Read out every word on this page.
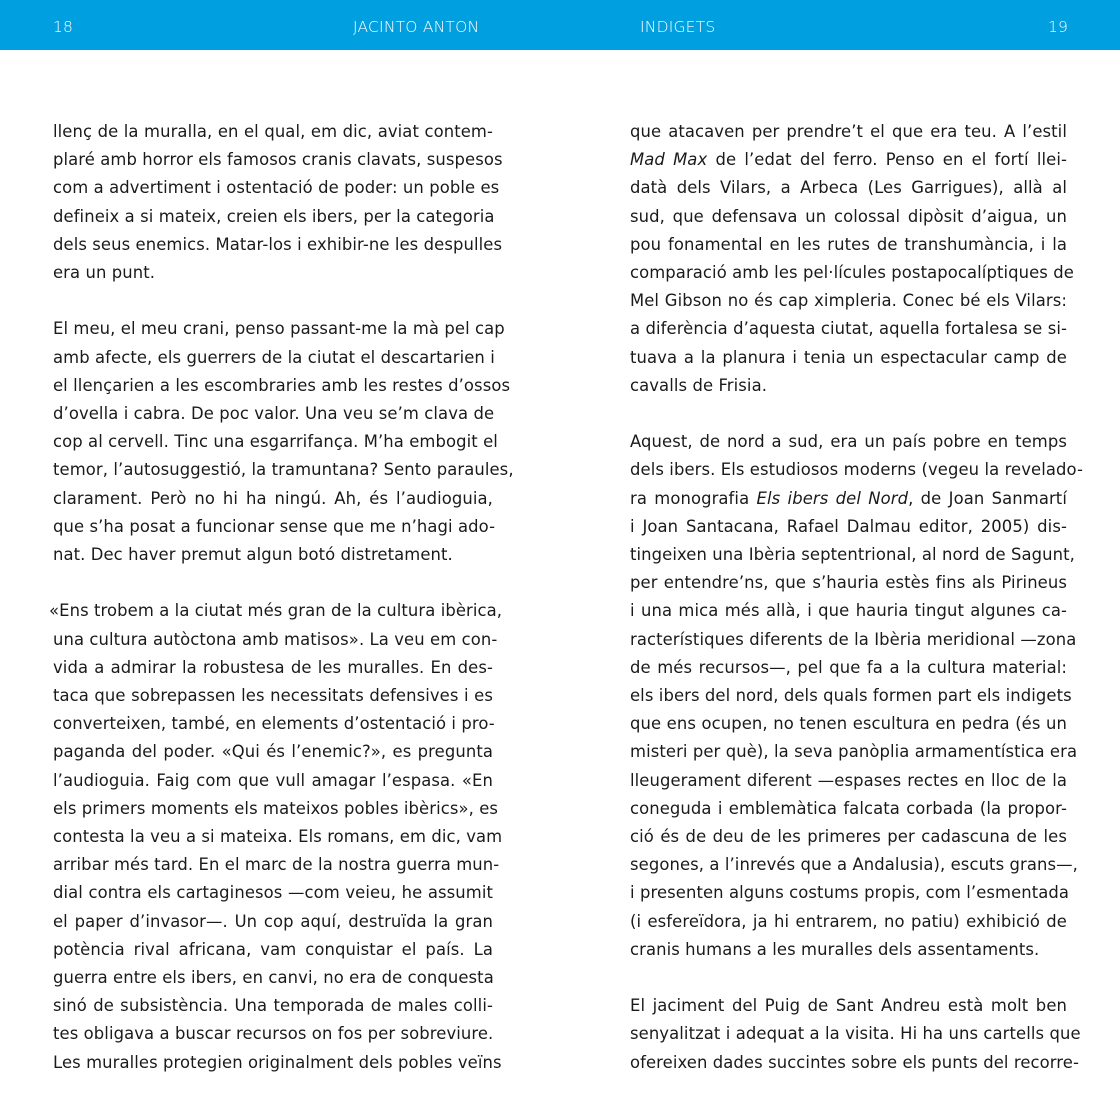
18	JACINTO ANTON	INDIGETS	19

llenç de la muralla, en el qual, em dic, aviat contem-
plaré amb horror els famosos cranis clavats, suspesos
com a advertiment i ostentació de poder: un poble es
defineix a si mateix, creien els ibers, per la categoria
dels seus enemics. Matar-los i exhibir-ne les despulles
era un punt.

El meu, el meu crani, penso passant-me la mà pel cap
amb afecte, els guerrers de la ciutat el descartarien i
el llençarien a les escombraries amb les restes d’ossos
d’ovella i cabra. De poc valor. Una veu se’m clava de
cop al cervell. Tinc una esgarrifança. M’ha embogit el
temor, l’autosuggestió, la tramuntana? Sento paraules,
clarament. Però no hi ha ningú. Ah, és l’audioguia,
que s’ha posat a funcionar sense que me n’hagi ado-
nat. Dec haver premut algun botó distretament.

«Ens trobem a la ciutat més gran de la cultura ibèrica,
una cultura autòctona amb matisos». La veu em con-
vida a admirar la robustesa de les muralles. En des-
taca que sobrepassen les necessitats defensives i es
converteixen, també, en elements d’ostentació i pro-
paganda del poder. «Qui és l’enemic?», es pregunta
l’audioguia. Faig com que vull amagar l’espasa. «En
els primers moments els mateixos pobles ibèrics», es
contesta la veu a si mateixa. Els romans, em dic, vam
arribar més tard. En el marc de la nostra guerra mun-
dial contra els cartaginesos —com veieu, he assumit
el paper d’invasor—. Un cop aquí, destruïda la gran
potència rival africana, vam conquistar el país. La
guerra entre els ibers, en canvi, no era de conquesta
sinó de subsistència. Una temporada de males colli-
tes obligava a buscar recursos on fos per sobreviure.
Les muralles protegien originalment dels pobles veïns

que atacaven per prendre’t el que era teu. A l’estil
Mad Max de l’edat del ferro. Penso en el fortí llei-
datà dels Vilars, a Arbeca (Les Garrigues), allà al
sud, que defensava un colossal dipòsit d’aigua, un
pou fonamental en les rutes de transhumància, i la
comparació amb les pel·lícules postapocalíptiques de
Mel Gibson no és cap ximpleria. Conec bé els Vilars:
a diferència d’aquesta ciutat, aquella fortalesa se si-
tuava a la planura i tenia un espectacular camp de
cavalls de Frisia.

Aquest, de nord a sud, era un país pobre en temps
dels ibers. Els estudiosos moderns (vegeu la revelado-
ra monografia Els ibers del Nord, de Joan Sanmartí
i Joan Santacana, Rafael Dalmau editor, 2005) dis-
tingeixen una Ibèria septentrional, al nord de Sagunt,
per entendre’ns, que s’hauria estès fins als Pirineus
i una mica més allà, i que hauria tingut algunes ca-
racterístiques diferents de la Ibèria meridional —zona
de més recursos—, pel que fa a la cultura material:
els ibers del nord, dels quals formen part els indigets
que ens ocupen, no tenen escultura en pedra (és un
misteri per què), la seva panòplia armamentística era
lleugerament diferent —espases rectes en lloc de la
coneguda i emblemàtica falcata corbada (la propor-
ció és de deu de les primeres per cadascuna de les
segones, a l’inrevés que a Andalusia), escuts grans—,
i presenten alguns costums propis, com l’esmentada
(i esfereïdora, ja hi entrarem, no patiu) exhibició de
cranis humans a les muralles dels assentaments.

El jaciment del Puig de Sant Andreu està molt ben
senyalitzat i adequat a la visita. Hi ha uns cartells que
ofereixen dades succintes sobre els punts del recorre-
